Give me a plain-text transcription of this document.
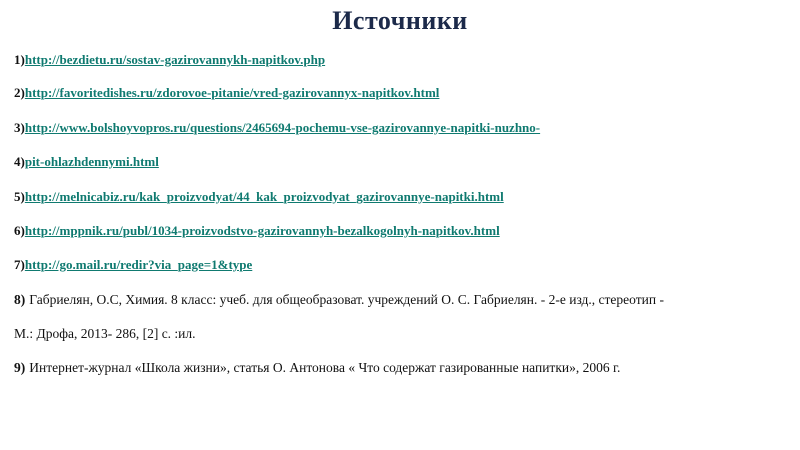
Источники
1)http://bezdietu.ru/sostav-gazirovannykh-napitkov.php
2)http://favoritedishes.ru/zdorovoe-pitanie/vred-gazirovannyx-napitkov.html
3)http://www.bolshoyvopros.ru/questions/2465694-pochemu-vse-gazirovannye-napitki-nuzhno-
4)pit-ohlazhdennymi.html
5)http://melnicabiz.ru/kak_proizvodyat/44_kak_proizvodyat_gazirovannye-napitki.html
6)http://mppnik.ru/publ/1034-proizvodstvo-gazirovannyh-bezalkogolnyh-napitkov.html
7)http://go.mail.ru/redir?via_page=1&type
8) Габриелян, О.С, Химия. 8 класс: учеб. для общеобразоват. учреждений О. С. Габриелян. - 2-е изд., стереотип -
М.: Дрофа, 2013- 286, [2] с. :ил.
9) Интернет-журнал «Школа жизни», статья О. Антонова « Что содержат газированные напитки», 2006 г.
